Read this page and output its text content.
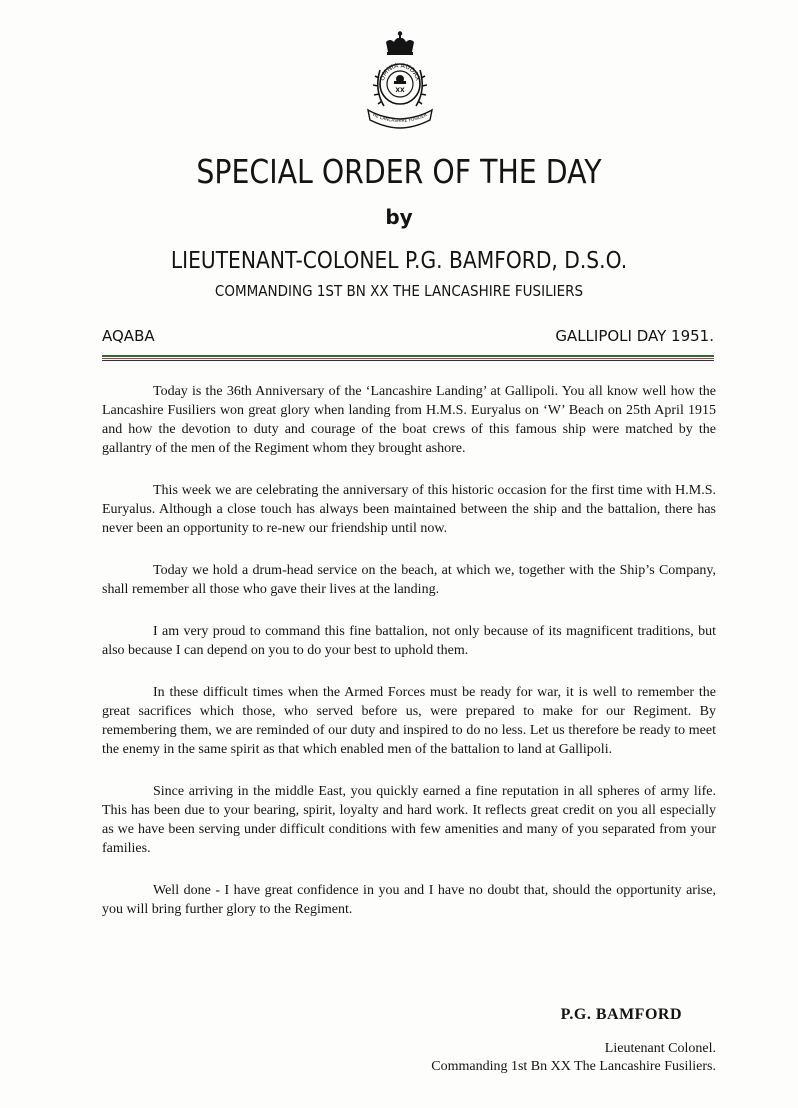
OMNIA AUDAX
XX
HE LANCASHIRE FUSILIER
SPECIAL ORDER OF THE DAY
by
LIEUTENANT-COLONEL P.G. BAMFORD, D.S.O.
COMMANDING 1ST BN XX THE LANCASHIRE FUSILIERS
AQABA	GALLIPOLI DAY 1951.

Today is the 36th Anniversary of the ‘Lancashire Landing’ at Gallipoli. You all know well how the Lancashire Fusiliers won great glory when landing from H.M.S. Euryalus on ‘W’ Beach on 25th April 1915 and how the devotion to duty and courage of the boat crews of this famous ship were matched by the gallantry of the men of the Regiment whom they brought ashore.

This week we are celebrating the anniversary of this historic occasion for the first time with H.M.S. Euryalus. Although a close touch has always been maintained between the ship and the battalion, there has never been an opportunity to re-new our friendship until now.

Today we hold a drum-head service on the beach, at which we, together with the Ship’s Company, shall remember all those who gave their lives at the landing.

I am very proud to command this fine battalion, not only because of its magnificent traditions, but also because I can depend on you to do your best to uphold them.

In these difficult times when the Armed Forces must be ready for war, it is well to remember the great sacrifices which those, who served before us, were prepared to make for our Regiment. By remembering them, we are reminded of our duty and inspired to do no less. Let us therefore be ready to meet the enemy in the same spirit as that which enabled men of the battalion to land at Gallipoli.

Since arriving in the middle East, you quickly earned a fine reputation in all spheres of army life. This has been due to your bearing, spirit, loyalty and hard work. It reflects great credit on you all especially as we have been serving under difficult conditions with few amenities and many of you separated from your families.

Well done - I have great confidence in you and I have no doubt that, should the opportunity arise, you will bring further glory to the Regiment.

P.G. BAMFORD
Lieutenant Colonel.
Commanding 1st Bn XX The Lancashire Fusiliers.
